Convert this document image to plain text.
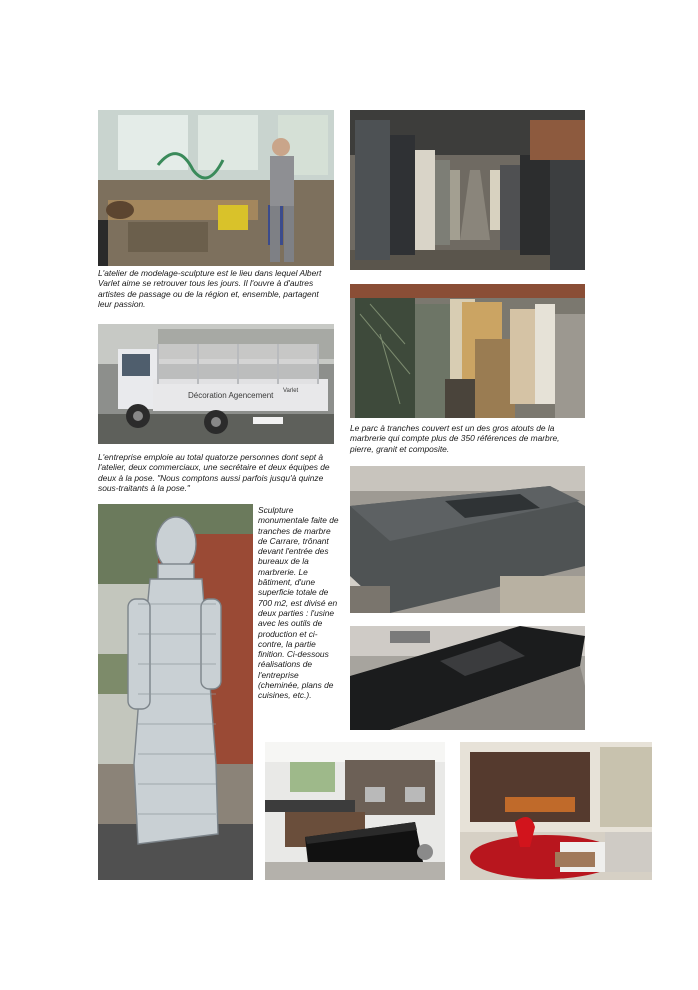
L'atelier de modelage-sculpture est le lieu dans lequel Albert Varlet aime se retrouver tous les jours. Il l'ouvre à d'autres artistes de passage ou de la région et, ensemble, partagent leur passion.

Décoration Agencement Varlet

L'entreprise emploie au total quatorze personnes dont sept à l'atelier, deux commerciaux, une secrétaire et deux équipes de deux à la pose. "Nous comptons aussi parfois jusqu'à quinze sous-traitants à la pose."

Sculpture monumentale faite de tranches de marbre de Carrare, trônant devant l'entrée des bureaux de la marbrerie. Le bâtiment, d'une superficie totale de 700 m2, est divisé en deux parties : l'usine avec les outils de production et ci-contre, la partie finition. Ci-dessous réalisations de l'entreprise (cheminée, plans de cuisines, etc.).

Le parc à tranches couvert est un des gros atouts de la marbrerie qui compte plus de 350 références de marbre, pierre, granit et composite.
